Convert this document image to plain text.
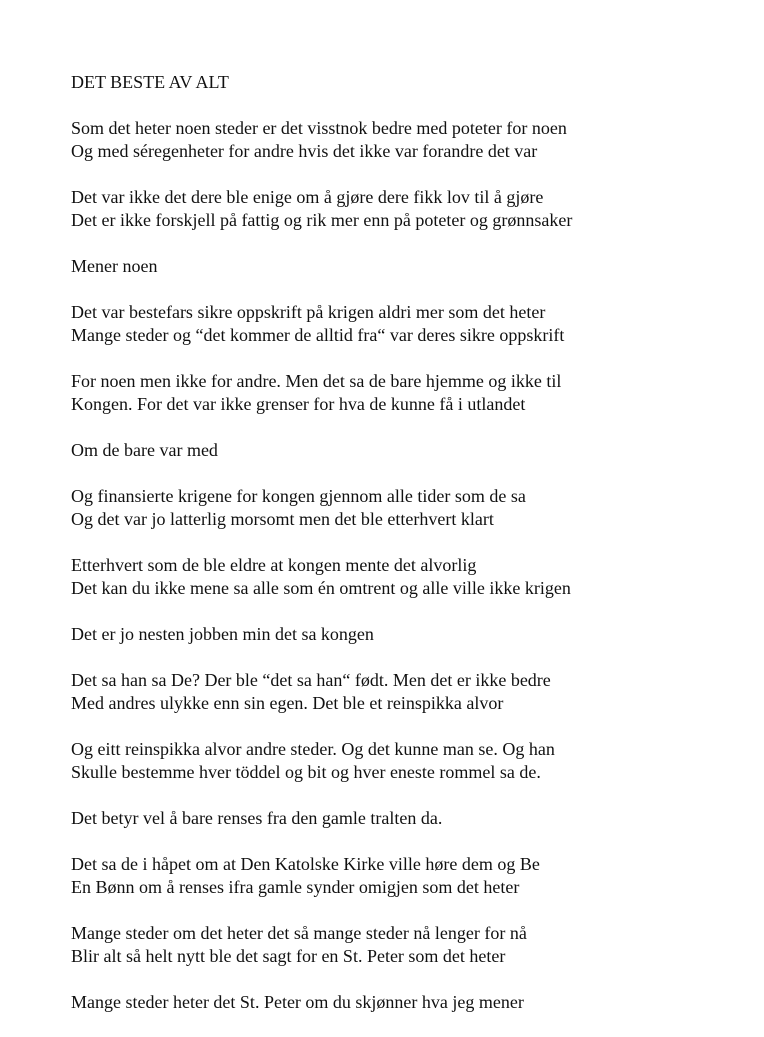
DET BESTE AV ALT
Som det heter noen steder er det visstnok bedre med poteter for noen
Og med séregenheter for andre hvis det ikke var forandre det var
Det var ikke det dere ble enige om å gjøre dere fikk lov til å gjøre
Det er ikke forskjell på fattig og rik mer enn på poteter og grønnsaker
Mener noen
Det var bestefars sikre oppskrift på krigen aldri mer som det heter
Mange steder og “det kommer de alltid fra“ var deres sikre oppskrift
For noen men ikke for andre. Men det sa de bare hjemme og ikke til
Kongen. For det var ikke grenser for hva de kunne få i utlandet
Om de bare var med
Og finansierte krigene for kongen gjennom alle tider som de sa
Og det var jo latterlig morsomt men det ble etterhvert klart
Etterhvert som de ble eldre at kongen mente det alvorlig
Det kan du ikke mene sa alle som én omtrent og alle ville ikke krigen
Det er jo nesten jobben min det sa kongen
Det sa han sa De? Der ble “det sa han“ født. Men det er ikke bedre
Med andres ulykke enn sin egen. Det ble et reinspikka alvor
Og eitt reinspikka alvor andre steder. Og det kunne man se. Og han
Skulle bestemme hver töddel og bit og hver eneste rommel sa de.
Det betyr vel å bare renses fra den gamle tralten da.
Det sa de i håpet om at Den Katolske Kirke ville høre dem og Be
En Bønn om å renses ifra gamle synder omigjen som det heter
Mange steder om det heter det så mange steder nå lenger for nå
Blir alt så helt nytt ble det sagt for en St. Peter som det heter
Mange steder heter det St. Peter om du skjønner hva jeg mener
